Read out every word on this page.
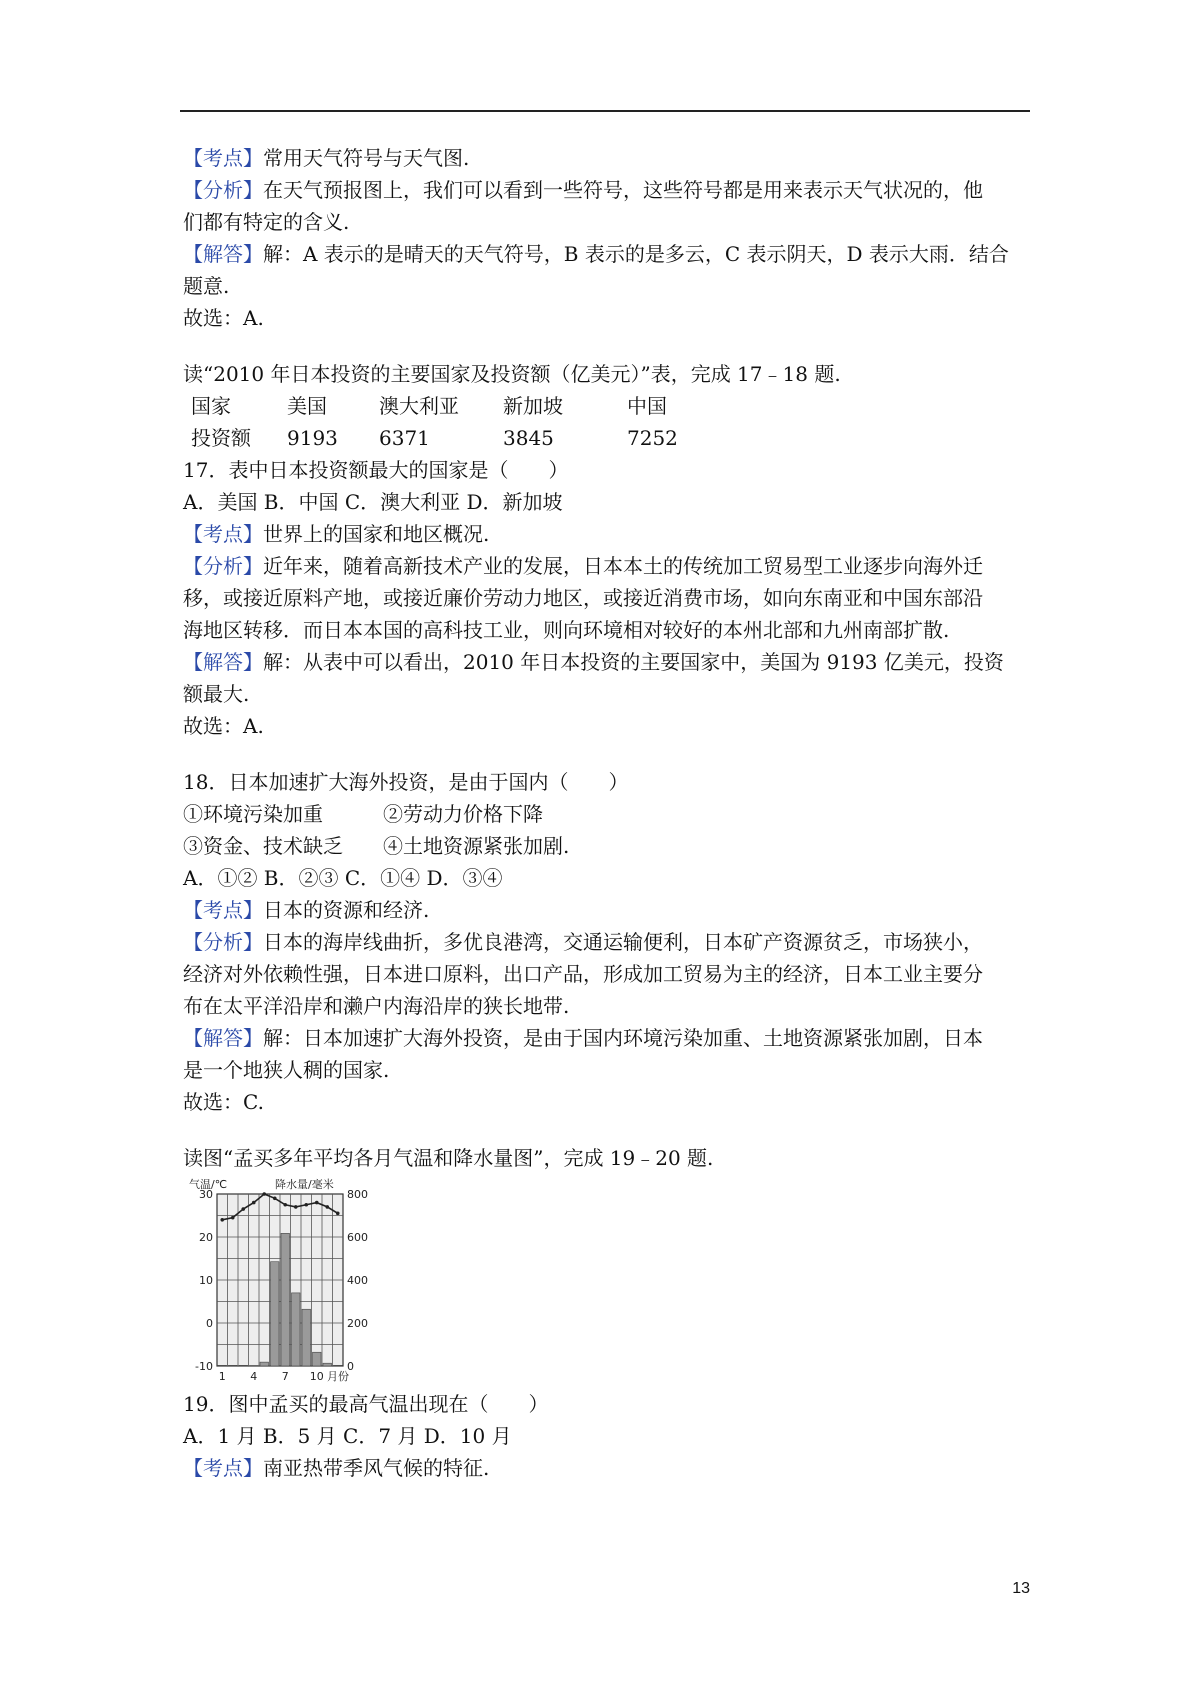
【考点】常用天气符号与天气图.

【分析】在天气预报图上，我们可以看到一些符号，这些符号都是用来表示天气状况的，他

们都有特定的含义.

【解答】解：A 表示的是晴天的天气符号，B 表示的是多云，C 表示阴天，D 表示大雨．结合

题意.

故选：A.

读“2010 年日本投资的主要国家及投资额（亿美元）”表，完成 17﹣18 题.

国家	美国	澳大利亚	新加坡	中国
投资额	9193	6371	3845	7252

17．表中日本投资额最大的国家是（　　）

A．美国 B．中国 C．澳大利亚 D．新加坡

【考点】世界上的国家和地区概况.

【分析】近年来，随着高新技术产业的发展，日本本土的传统加工贸易型工业逐步向海外迁

移，或接近原料产地，或接近廉价劳动力地区，或接近消费市场，如向东南亚和中国东部沿

海地区转移．而日本本国的高科技工业，则向环境相对较好的本州北部和九州南部扩散.

【解答】解：从表中可以看出，2010 年日本投资的主要国家中，美国为 9193 亿美元，投资

额最大.

故选：A.

18．日本加速扩大海外投资，是由于国内（　　）

①环境污染加重　　　②劳动力价格下降

③资金、技术缺乏　　④土地资源紧张加剧.

A．①② B．②③ C．①④ D．③④

【考点】日本的资源和经济.

【分析】日本的海岸线曲折，多优良港湾，交通运输便利，日本矿产资源贫乏，市场狭小，

经济对外依赖性强，日本进口原料，出口产品，形成加工贸易为主的经济，日本工业主要分

布在太平洋沿岸和濑户内海沿岸的狭长地带.

【解答】解：日本加速扩大海外投资，是由于国内环境污染加重、土地资源紧张加剧，日本

是一个地狭人稠的国家.

故选：C.

读图“孟买多年平均各月气温和降水量图”，完成 19﹣20 题.

气温/℃	降水量/毫米
30
20
10
0
-10
800
600
400
200
0
1 4 7 10 月份

19．图中孟买的最高气温出现在（　　）

A．1 月 B．5 月 C．7 月 D．10 月

【考点】南亚热带季风气候的特征.

13
